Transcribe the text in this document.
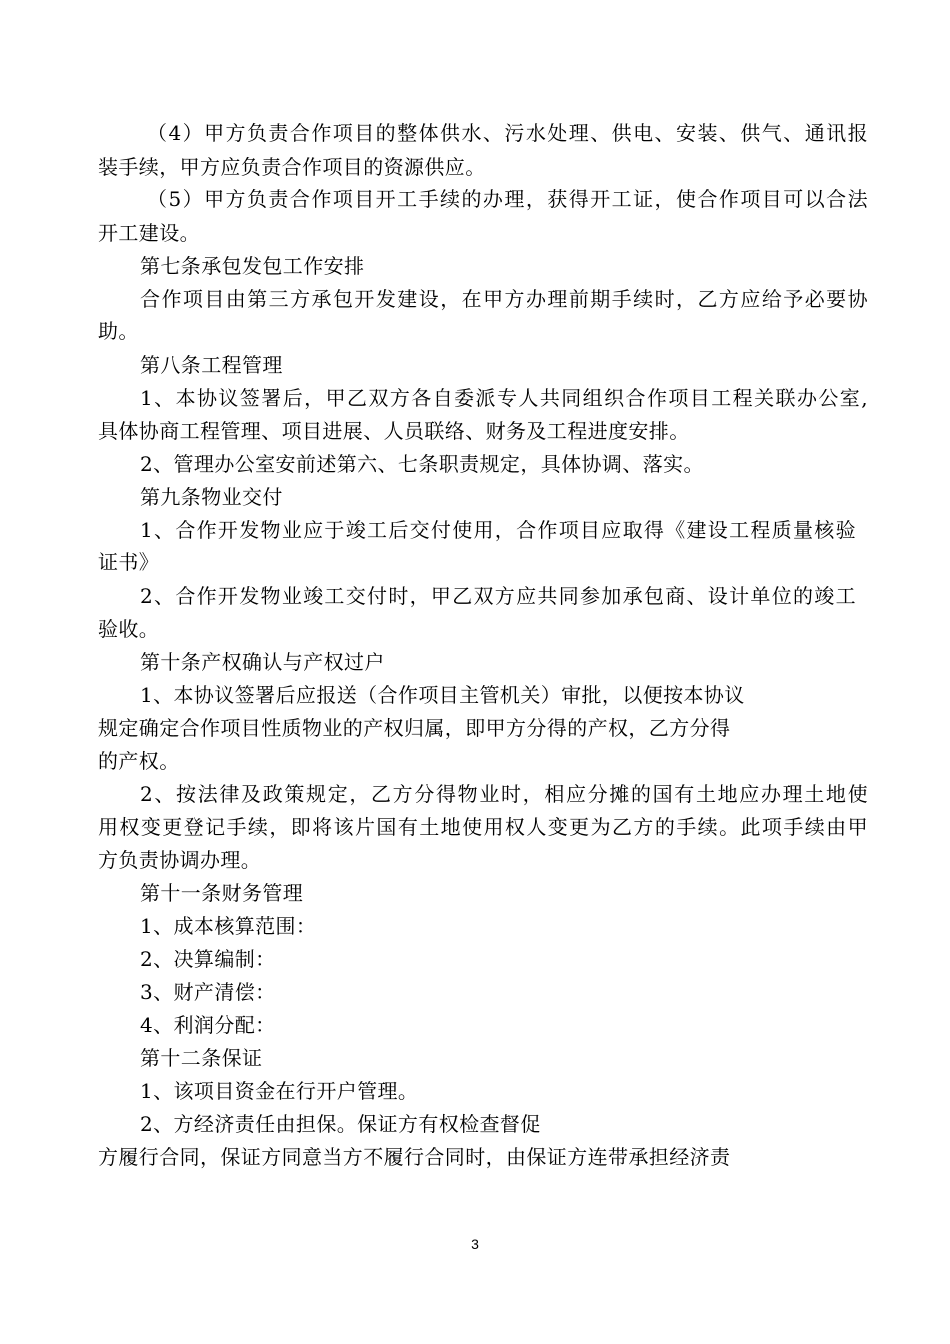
（4）甲方负责合作项目的整体供水、污水处理、供电、安装、供气、通讯报
装手续，甲方应负责合作项目的资源供应。
（5）甲方负责合作项目开工手续的办理，获得开工证，使合作项目可以合法
开工建设。
第七条承包发包工作安排
合作项目由第三方承包开发建设，在甲方办理前期手续时，乙方应给予必要协
助。
第八条工程管理
1、本协议签署后，甲乙双方各自委派专人共同组织合作项目工程关联办公室,
具体协商工程管理、项目进展、人员联络、财务及工程进度安排。
2、管理办公室安前述第六、七条职责规定，具体协调、落实。
第九条物业交付
1、合作开发物业应于竣工后交付使用，合作项目应取得《建设工程质量核验
证书》
2、合作开发物业竣工交付时，甲乙双方应共同参加承包商、设计单位的竣工
验收。
第十条产权确认与产权过户
1、本协议签署后应报送（合作项目主管机关）审批，以便按本协议
规定确定合作项目性质物业的产权归属，即甲方分得的产权，乙方分得
的产权。
2、按法律及政策规定，乙方分得物业时，相应分摊的国有土地应办理土地使
用权变更登记手续，即将该片国有土地使用权人变更为乙方的手续。此项手续由甲
方负责协调办理。
第十一条财务管理
1、成本核算范围：
2、决算编制：
3、财产清偿：
4、利润分配：
第十二条保证
1、该项目资金在行开户管理。
2、方经济责任由担保。保证方有权检查督促
方履行合同，保证方同意当方不履行合同时，由保证方连带承担经济责
3
